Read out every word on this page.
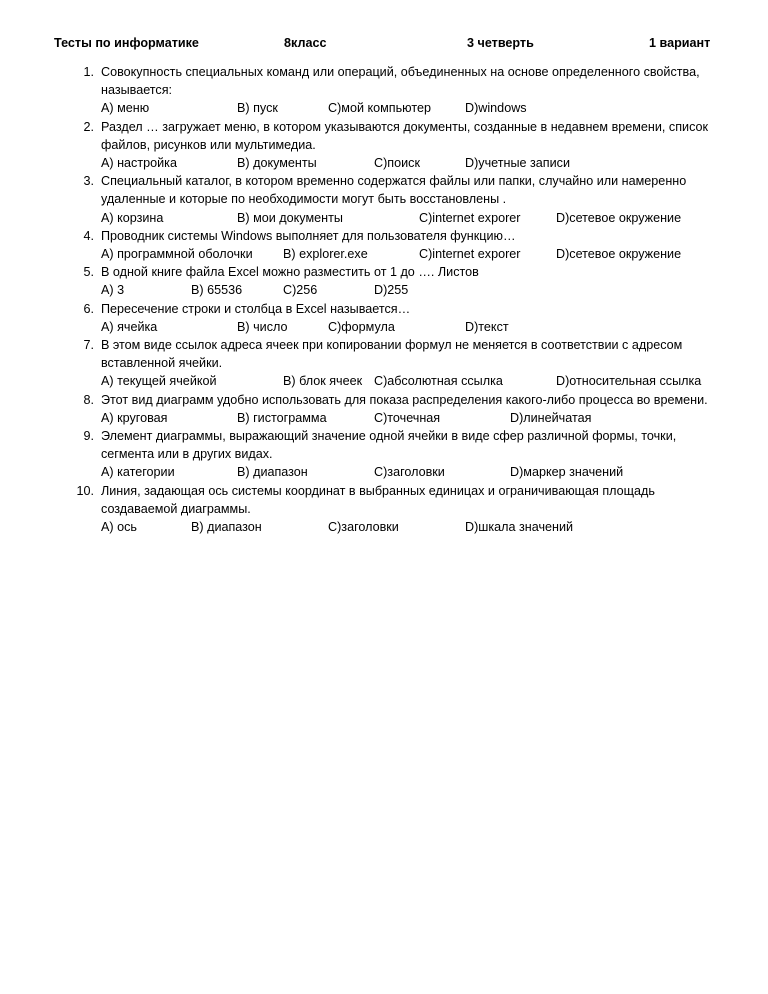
Тесты по информатике	8класс	3 четверть	1 вариант
1. Совокупность специальных команд или операций, объединенных на основе определенного свойства, называется:
А) меню	В) пуск	С)мой компьютер	D)windows
2. Раздел … загружает меню, в котором указываются документы, созданные в недавнем времени, список файлов, рисунков или мультимедиа.
А) настройка	В) документы	С)поиск	D)учетные записи
3. Специальный каталог, в котором временно содержатся файлы или папки, случайно или намеренно удаленные и которые по необходимости могут быть восстановлены .
А) корзина	В) мои документы	С)internet exporer	D)сетевое окружение
4. Проводник системы Windows выполняет для пользователя функцию…
А) программной оболочки В) explorer.exe	С)internet exporer	D)сетевое окружение
5. В одной книге файла Excel можно разместить от 1 до …. Листов
А) 3	В) 65536	С)256	D)255
6. Пересечение строки и столбца в Excel называется…
А) ячейка	В) число	С)формула	D)текст
7. В этом виде ссылок адреса ячеек при копировании формул не меняется в соответствии с адресом вставленной ячейки.
А) текущей ячейкой	В) блок ячеек С)абсолютная ссылка	D)относительная ссылка
8. Этот вид диаграмм удобно использовать для показа распределения какого-либо процесса во времени.
А) круговая	В) гистограмма	С)точечная	D)линейчатая
9. Элемент диаграммы, выражающий значение одной ячейки в виде сфер различной формы, точки, сегмента или в других видах.
А) категории	В) диапазон	С)заголовки	D)маркер значений
10. Линия, задающая ось системы координат в выбранных единицах и ограничивающая площадь создаваемой диаграммы.
А) ось	В) диапазон	С)заголовки	D)шкала значений
